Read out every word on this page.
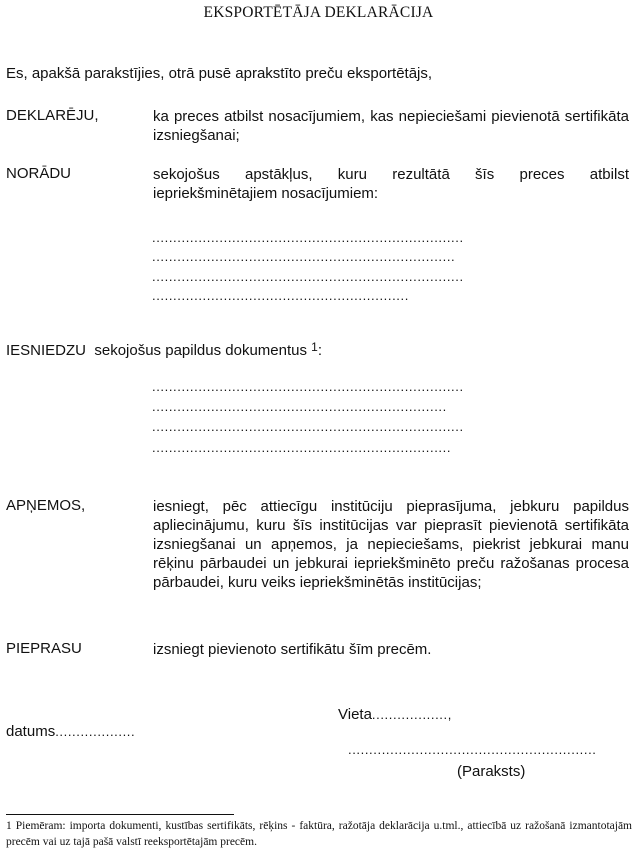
EKSPORTĒTĀJA DEKLARĀCIJA
Es, apakšā parakstījies, otrā pusē aprakstīto preču eksportētājs,
DEKLARĒJU,	ka preces atbilst nosacījumiem, kas nepieciešami pievienotā sertifikāta izsniegšanai;
NORĀDU	sekojošus apstākļus, kuru rezultātā šīs preces atbilst iepriekšminētajiem nosacījumiem:
..........................................................................
........................................................................
..........................................................................
.............................................................
IESNIEDZU sekojošus papildus dokumentus $^1$:
..........................................................................
......................................................................
..........................................................................
.......................................................................
APŅEMOS,	iesniegt, pēc attiecīgu institūciju pieprasījuma, jebkuru papildus apliecinājumu, kuru šīs institūcijas var pieprasīt pievienotā sertifikāta izsniegšanai un apņemos, ja nepieciešams, piekrist jebkurai manu rēķinu pārbaudei un jebkurai iepriekšminēto preču ražošanas procesa pārbaudei, kuru veiks iepriekšminētās institūcijas;
PIEPRASU	izsniegt pievienoto sertifikātu šīm precēm.
Vieta..................,
datums...................
...........................................................
(Paraksts)
1 Piemēram: importa dokumenti, kustības sertifikāts, rēķins - faktūra, ražotāja deklarācija u.tml., attiecībā uz ražošanā izmantotajām precēm vai uz tajā pašā valstī reeksportētajām precēm.
